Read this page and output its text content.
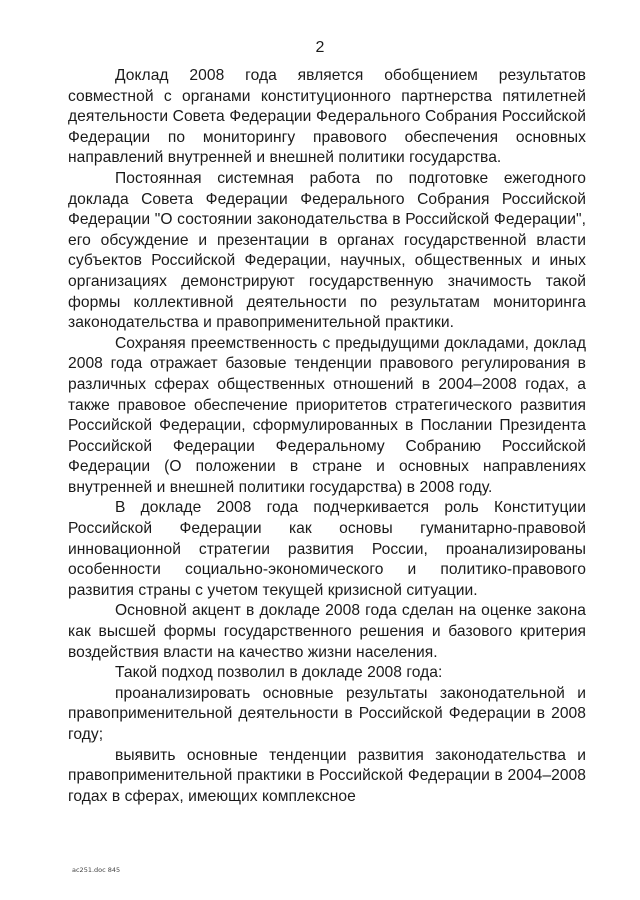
2

Доклад 2008 года является обобщением результатов совместной с органами конституционного партнерства пятилетней деятельности Совета Федерации Федерального Собрания Российской Федерации по мониторингу правового обеспечения основных направлений внутренней и внешней политики государства.

Постоянная системная работа по подготовке ежегодного доклада Совета Федерации Федерального Собрания Российской Федерации "О состоянии законодательства в Российской Федерации", его обсуждение и презентации в органах государственной власти субъектов Российской Федерации, научных, общественных и иных организациях демонстрируют государственную значимость такой формы коллективной деятельности по результатам мониторинга законодательства и правоприменительной практики.

Сохраняя преемственность с предыдущими докладами, доклад 2008 года отражает базовые тенденции правового регулирования в различных сферах общественных отношений в 2004–2008 годах, а также правовое обеспечение приоритетов стратегического развития Российской Федерации, сформулированных в Послании Президента Российской Федерации Федеральному Собранию Российской Федерации (О положении в стране и основных направлениях внутренней и внешней политики государства) в 2008 году.

В докладе 2008 года подчеркивается роль Конституции Российской Федерации как основы гуманитарно-правовой инновационной стратегии развития России, проанализированы особенности социально-экономического и политико-правового развития страны с учетом текущей кризисной ситуации.

Основной акцент в докладе 2008 года сделан на оценке закона как высшей формы государственного решения и базового критерия воздействия власти на качество жизни населения.

Такой подход позволил в докладе 2008 года:

проанализировать основные результаты законодательной и правоприменительной деятельности в Российской Федерации в 2008 году;

выявить основные тенденции развития законодательства и правоприменительной практики в Российской Федерации в 2004–2008 годах в сферах, имеющих комплексное

ас251.doc 845
